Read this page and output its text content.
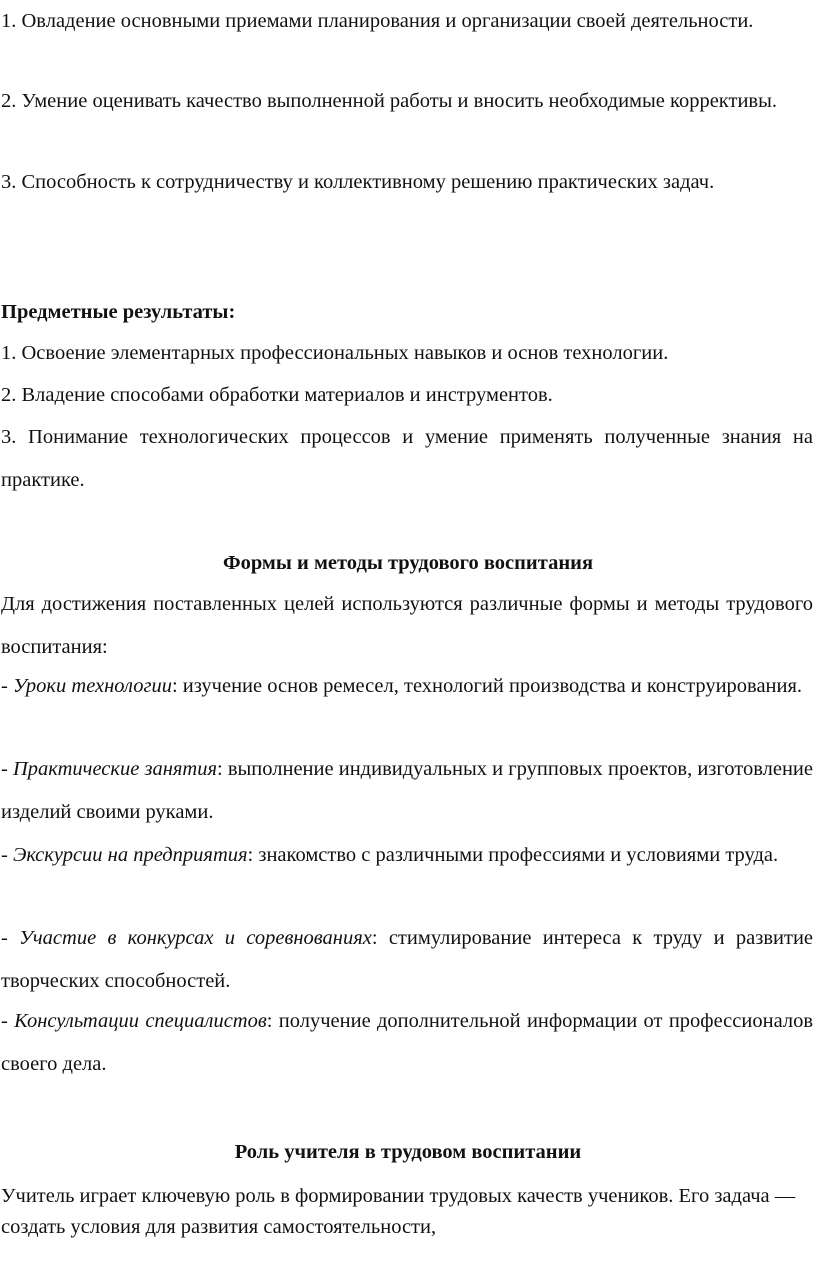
1. Овладение основными приемами планирования и организации своей деятельности.

2. Умение оценивать качество выполненной работы и вносить необходимые коррективы.

3. Способность к сотрудничеству и коллективному решению практических задач.

Предметные результаты:

1. Освоение элементарных профессиональных навыков и основ технологии.

2. Владение способами обработки материалов и инструментов.

3. Понимание технологических процессов и умение применять полученные знания на практике.

Формы и методы трудового воспитания

Для достижения поставленных целей используются различные формы и методы трудового воспитания:

- Уроки технологии: изучение основ ремесел, технологий производства и конструирования.

- Практические занятия: выполнение индивидуальных и групповых проектов, изготовление изделий своими руками.

- Экскурсии на предприятия: знакомство с различными профессиями и условиями труда.

- Участие в конкурсах и соревнованиях: стимулирование интереса к труду и развитие творческих способностей.

- Консультации специалистов: получение дополнительной информации от профессионалов своего дела.

Роль учителя в трудовом воспитании

Учитель играет ключевую роль в формировании трудовых качеств учеников. Его задача — создать условия для развития самостоятельности,
